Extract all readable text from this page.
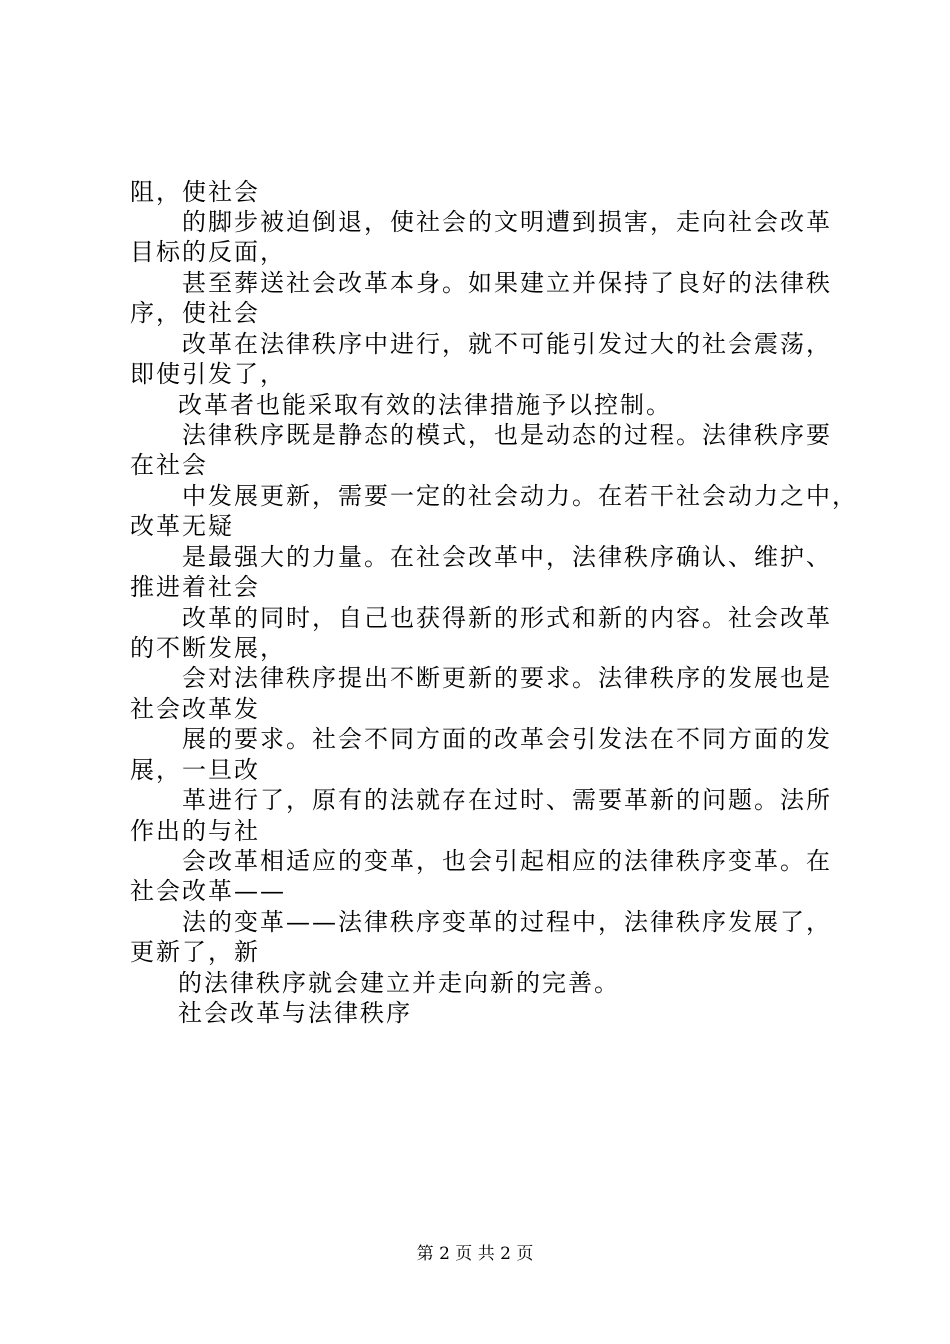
阻，使社会
的脚步被迫倒退，使社会的文明遭到损害，走向社会改革
目标的反面，
甚至葬送社会改革本身。如果建立并保持了良好的法律秩
序，使社会
改革在法律秩序中进行，就不可能引发过大的社会震荡，
即使引发了，
改革者也能采取有效的法律措施予以控制。
法律秩序既是静态的模式，也是动态的过程。法律秩序要
在社会
中发展更新，需要一定的社会动力。在若干社会动力之中，
改革无疑
是最强大的力量。在社会改革中，法律秩序确认、维护、
推进着社会
改革的同时，自己也获得新的形式和新的内容。社会改革
的不断发展，
会对法律秩序提出不断更新的要求。法律秩序的发展也是
社会改革发
展的要求。社会不同方面的改革会引发法在不同方面的发
展，一旦改
革进行了，原有的法就存在过时、需要革新的问题。法所
作出的与社
会改革相适应的变革，也会引起相应的法律秩序变革。在
社会改革——
法的变革——法律秩序变革的过程中，法律秩序发展了，
更新了，新
的法律秩序就会建立并走向新的完善。
社会改革与法律秩序
第 2 页 共 2 页
